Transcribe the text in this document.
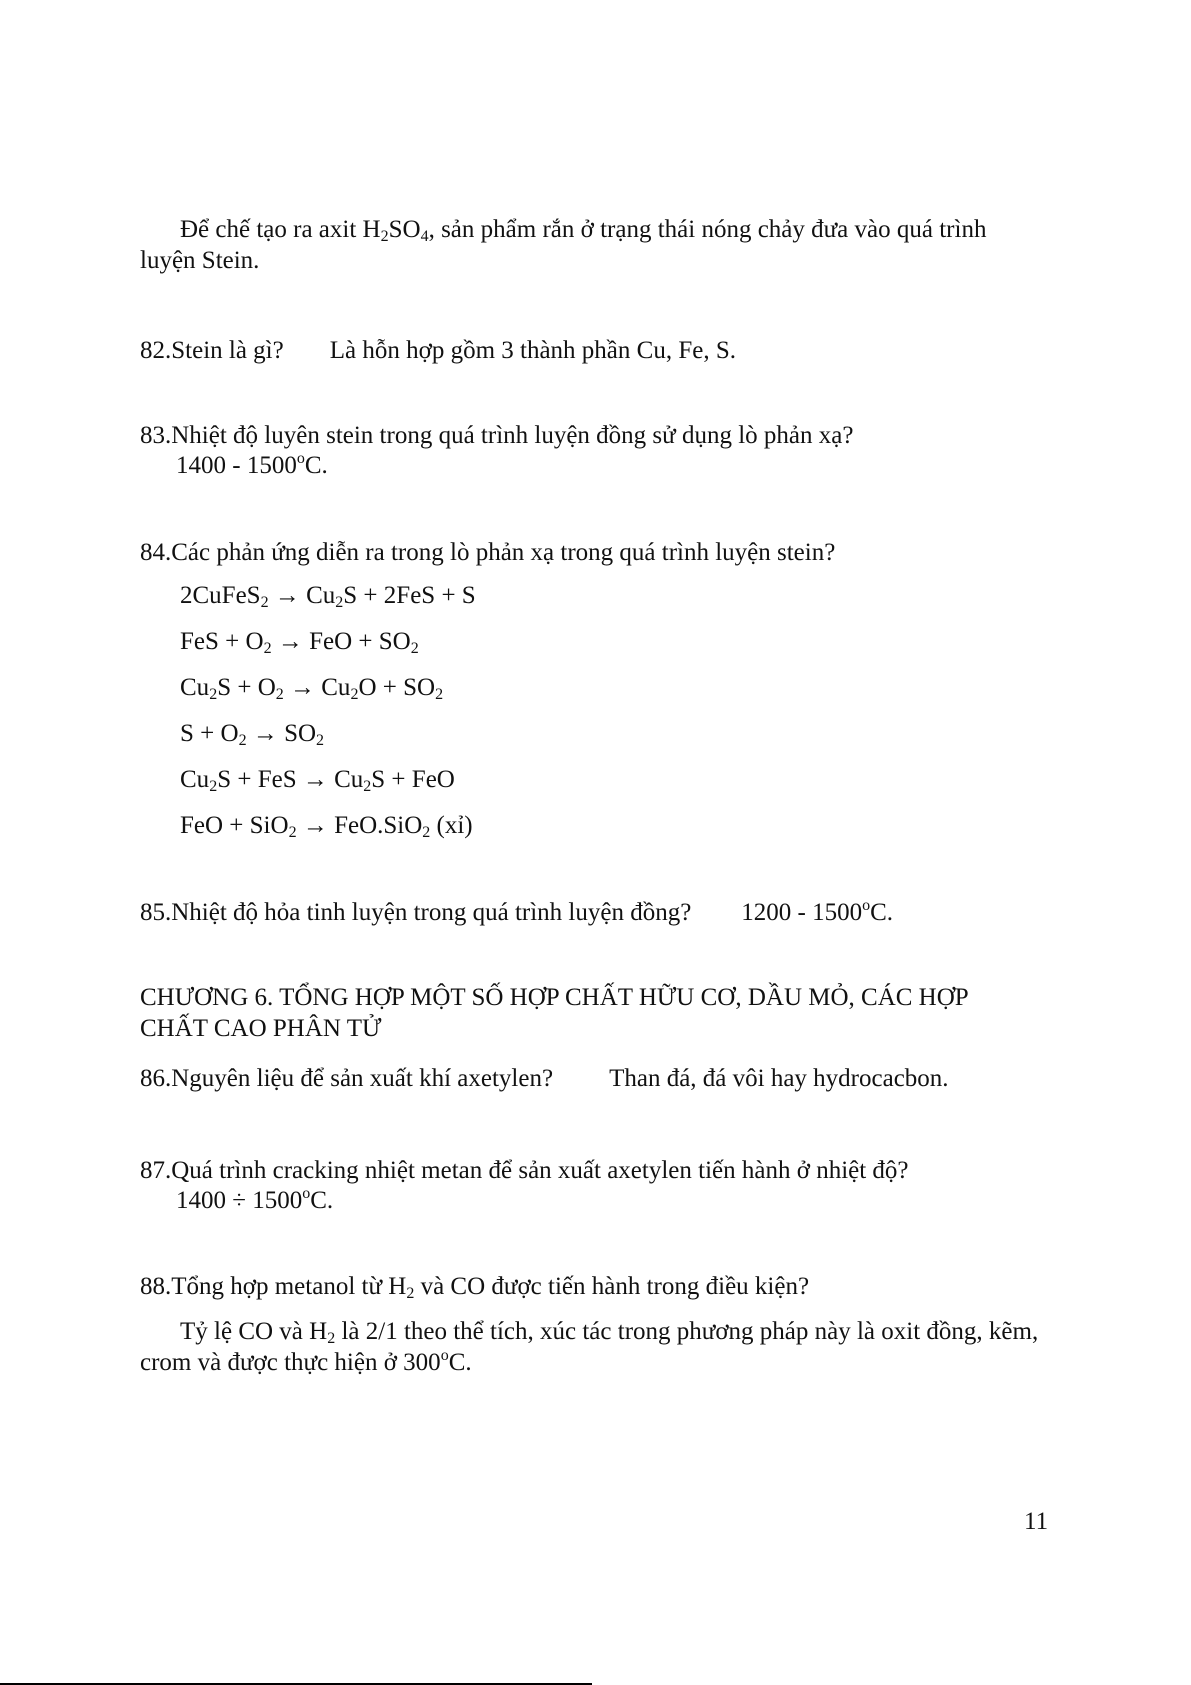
Để chế tạo ra axit $H_2SO_4$, sản phẩm rắn ở trạng thái nóng chảy đưa vào quá trình luyện Stein.
82.Stein là gì? Là hỗn hợp gồm 3 thành phần Cu, Fe, S.
83.Nhiệt độ luyên stein trong quá trình luyện đồng sử dụng lò phản xạ?
1400 - 1500$^o$C.
84.Các phản ứng diễn ra trong lò phản xạ trong quá trình luyện stein?
2CuFeS$_2$ → $Cu_2S + 2FeS + S$
FeS + $O_2$ → FeO + $SO_2$
$Cu_2S + O_2 \to Cu_2O + SO_2$
$S + O_2 \to SO_2$
$Cu_2S$ + FeS → $Cu_2S$ + FeO
FeO + SiO$_2$ → FeO.SiO$_2$ (xỉ)
85.Nhiệt độ hỏa tinh luyện trong quá trình luyện đồng? 1200 - 1500$^o$C.
CHƯƠNG 6. TỔNG HỢP MỘT SỐ HỢP CHẤT HỮU CƠ, DẦU MỎ, CÁC HỢP CHẤT CAO PHÂN TỬ
86.Nguyên liệu để sản xuất khí axetylen? Than đá, đá vôi hay hydrocacbon.
87.Quá trình cracking nhiệt metan để sản xuất axetylen tiến hành ở nhiệt độ?
$1400 \div 1500^oC$.
88.Tổng hợp metanol từ $H_2$ và CO được tiến hành trong điều kiện?
Tỷ lệ CO và $H_2$ là 2/1 theo thể tích, xúc tác trong phương pháp này là oxit đồng, kẽm, crom và được thực hiện ở 300$^o$C.
11
